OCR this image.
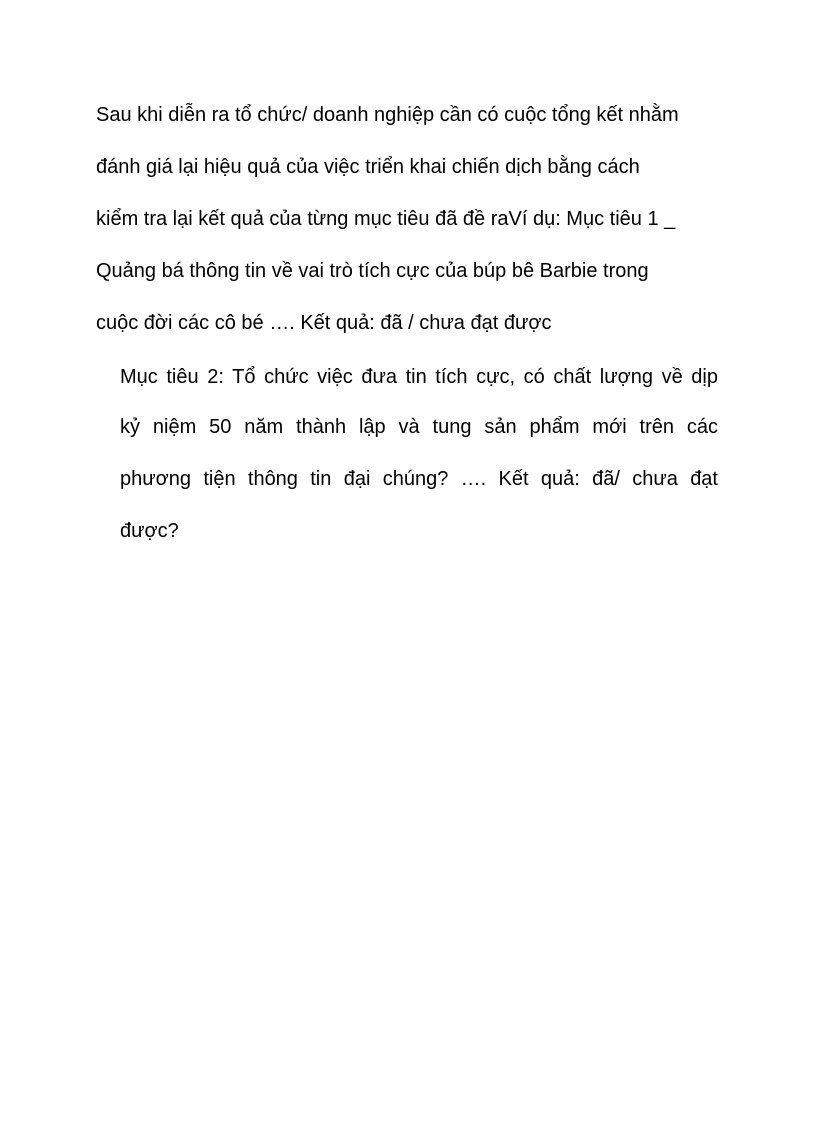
Sau khi diễn ra tổ chức/ doanh nghiệp cần có cuộc tổng kết nhằm
đánh giá lại hiệu quả của việc triển khai chiến dịch bằng cách
kiểm tra lại kết quả của từng mục tiêu đã đề raVí dụ: Mục tiêu 1 _
Quảng bá thông tin về vai trò tích cực của búp bê Barbie trong
cuộc đời các cô bé …. Kết quả: đã / chưa đạt được
Mục tiêu 2: Tổ chức việc đưa tin tích cực, có chất lượng về dịp
kỷ niệm 50 năm thành lập và tung sản phẩm mới trên các
phương tiện thông tin đại chúng? …. Kết quả: đã/ chưa đạt
được?
